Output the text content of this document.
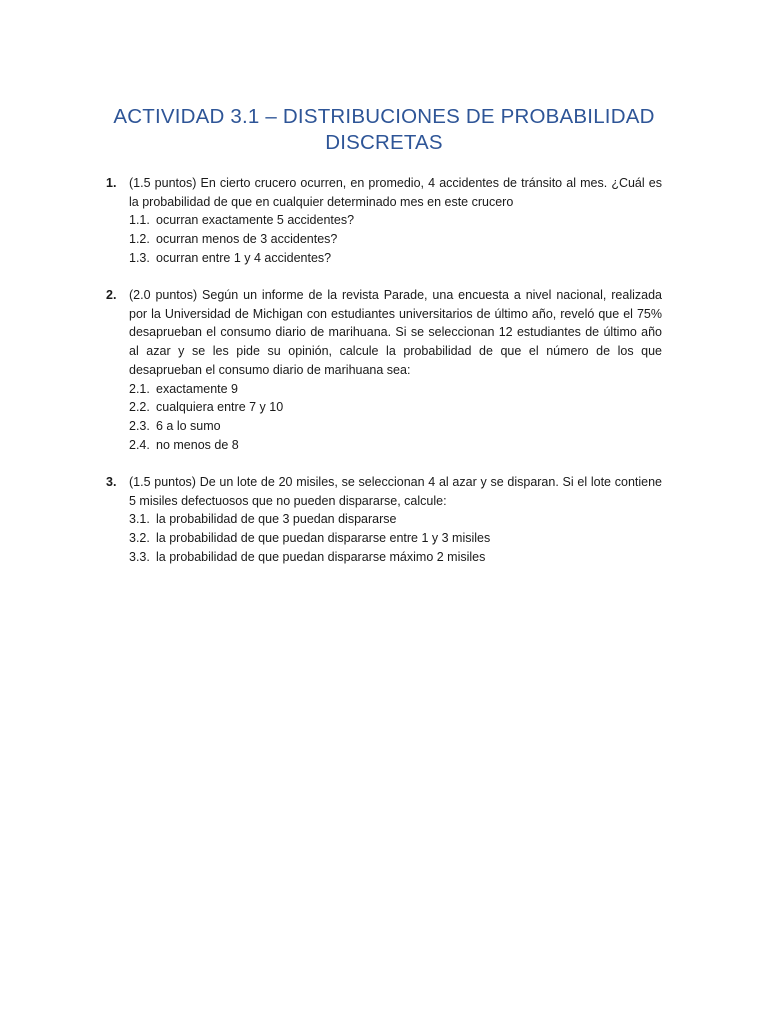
ACTIVIDAD 3.1 – DISTRIBUCIONES DE PROBABILIDAD DISCRETAS
1. (1.5 puntos) En cierto crucero ocurren, en promedio, 4 accidentes de tránsito al mes. ¿Cuál es la probabilidad de que en cualquier determinado mes en este crucero

1.1. ocurran exactamente 5 accidentes?
1.2. ocurran menos de 3 accidentes?
1.3. ocurran entre 1 y 4 accidentes?
2. (2.0 puntos) Según un informe de la revista Parade, una encuesta a nivel nacional, realizada por la Universidad de Michigan con estudiantes universitarios de último año, reveló que el 75% desaprueban el consumo diario de marihuana. Si se seleccionan 12 estudiantes de último año al azar y se les pide su opinión, calcule la probabilidad de que el número de los que desaprueban el consumo diario de marihuana sea:

2.1. exactamente 9
2.2. cualquiera entre 7 y 10
2.3. 6 a lo sumo
2.4. no menos de 8
3. (1.5 puntos) De un lote de 20 misiles, se seleccionan 4 al azar y se disparan. Si el lote contiene 5 misiles defectuosos que no pueden dispararse, calcule:

3.1. la probabilidad de que 3 puedan dispararse
3.2. la probabilidad de que puedan dispararse entre 1 y 3 misiles
3.3. la probabilidad de que puedan dispararse máximo 2 misiles
